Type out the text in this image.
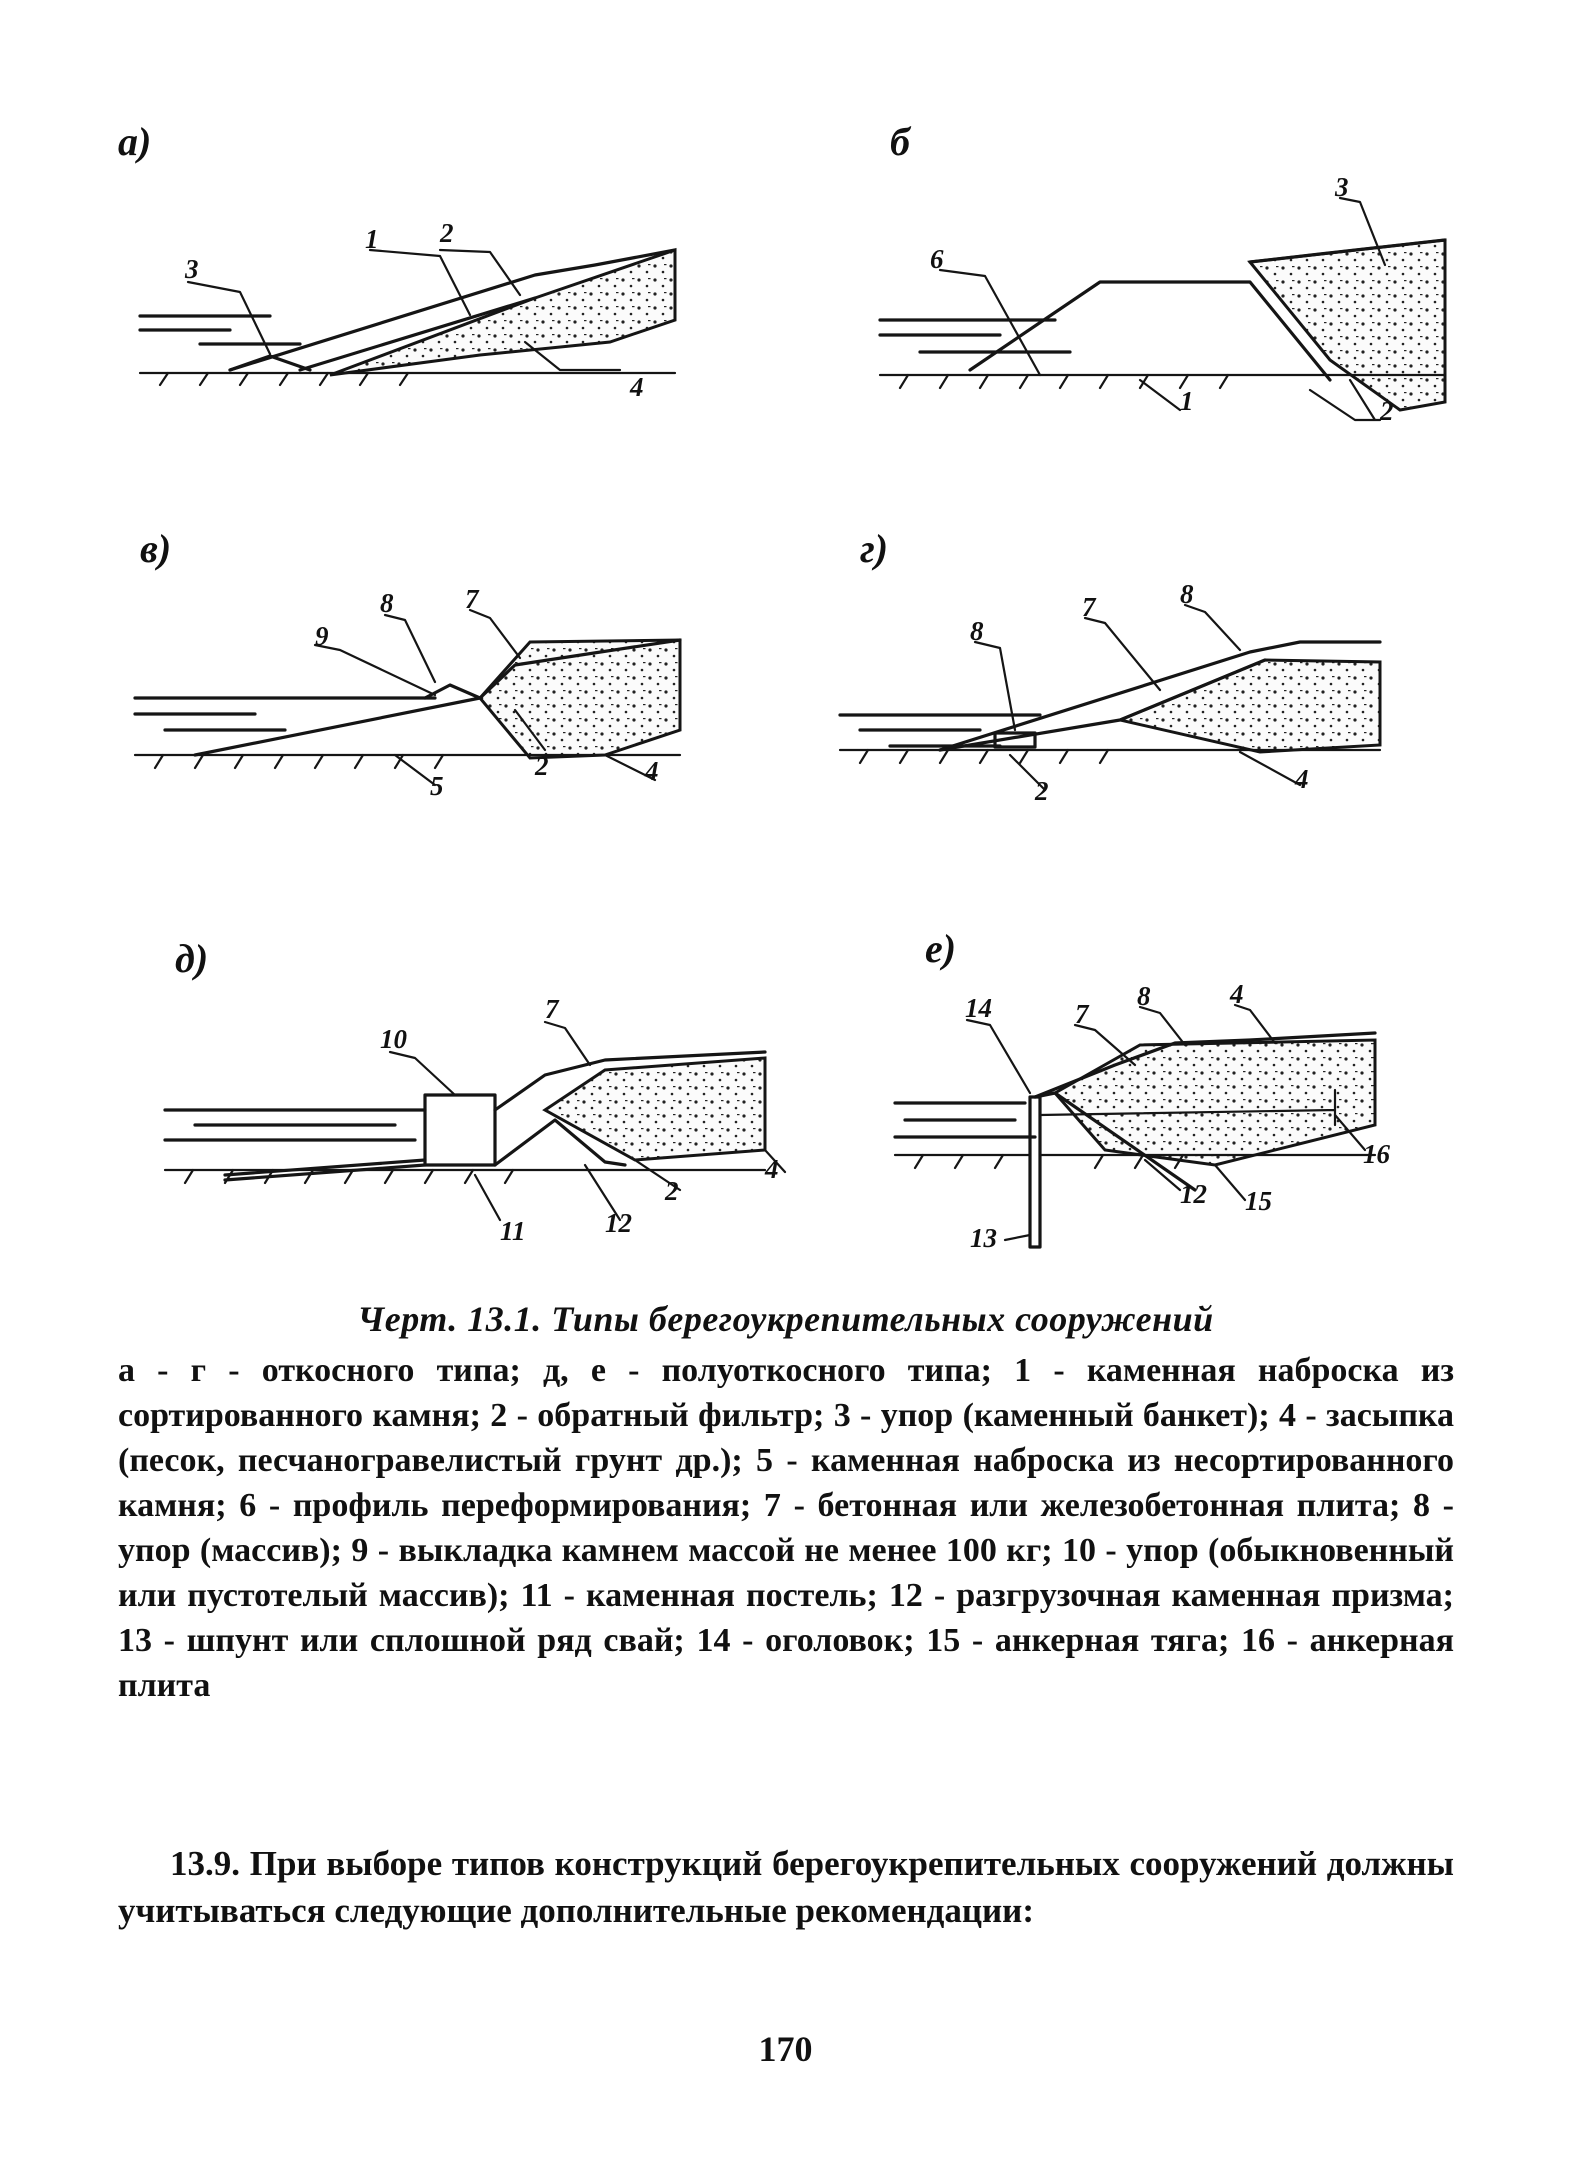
а)
3
1 2
4
б
6
1	2
3
в)
9
8	7
2	4
5
г)
8
7	8
2	4
д)
10
7
4
2
12
11
е)
14	7
8	4
16
15
12
13
Черт. 13.1. Типы берегоукрепительных сооружений
а - г - откосного типа; д, е - полуоткосного типа; 1 - каменная наброска из сортированного камня; 2 - обратный фильтр; 3 - упор (каменный банкет); 4 - засыпка (песок, песчаногравелистый грунт др.); 5 - каменная наброска из несортированного камня; 6 - профиль переформирования; 7 - бетонная или железобетонная плита; 8 - упор (массив); 9 - выкладка камнем массой не менее 100 кг; 10 - упор (обыкновенный или пустотелый массив); 11 - каменная постель; 12 - разгрузочная каменная призма; 13 - шпунт или сплошной ряд свай; 14 - оголовок; 15 - анкерная тяга; 16 - анкерная плита
13.9. При выборе типов конструкций берегоукрепительных сооружений должны учитываться следующие дополнительные рекомендации:
170
